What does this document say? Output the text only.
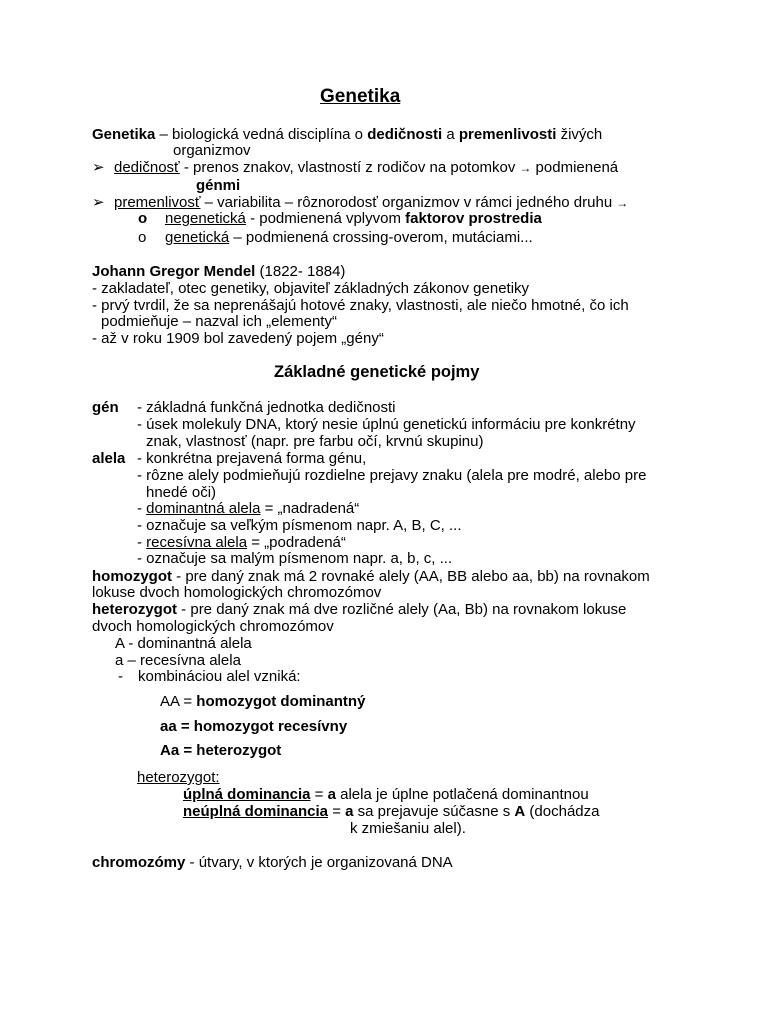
Genetika
Genetika – biologická vedná disciplína o dedičnosti a premenlivosti živých
organizmov
➢ dedičnosť - prenos znakov, vlastností z rodičov na potomkov → podmienená
génmi
➢ premenlivosť – variabilita – rôznorodosť organizmov v rámci jedného druhu →
o negenetická - podmienená vplyvom faktorov prostredia
o genetická – podmienená crossing-overom, mutáciami...
Johann Gregor Mendel (1822- 1884)
- zakladateľ, otec genetiky, objaviteľ základných zákonov genetiky
- prvý tvrdil, že sa neprenášajú hotové znaky, vlastnosti, ale niečo hmotné, čo ich
podmieňuje – nazval ich „elementy“
- až v roku 1909 bol zavedený pojem „gény“
Základné genetické pojmy
gén - základná funkčná jednotka dedičnosti
- úsek molekuly DNA, ktorý nesie úplnú genetickú informáciu pre konkrétny
znak, vlastnosť (napr. pre farbu očí, krvnú skupinu)
alela - konkrétna prejavená forma génu,
- rôzne alely podmieňujú rozdielne prejavy znaku (alela pre modré, alebo pre
hnedé oči)
- dominantná alela = „nadradená“
- označuje sa veľkým písmenom napr. A, B, C, ...
- recesívna alela = „podradená“
- označuje sa malým písmenom napr. a, b, c, ...
homozygot - pre daný znak má 2 rovnaké alely (AA, BB alebo aa, bb) na rovnakom
lokuse dvoch homologických chromozómov
heterozygot - pre daný znak má dve rozličné alely (Aa, Bb) na rovnakom lokuse
dvoch homologických chromozómov
A - dominantná alela
a – recesívna alela
- kombináciou alel vzniká:
AA = homozygot dominantný
aa = homozygot recesívny
Aa = heterozygot
heterozygot:
úplná dominancia = a alela je úplne potlačená dominantnou
neúplná dominancia = a sa prejavuje súčasne s A (dochádza
k zmiešaniu alel).
chromozómy - útvary, v ktorých je organizovaná DNA
